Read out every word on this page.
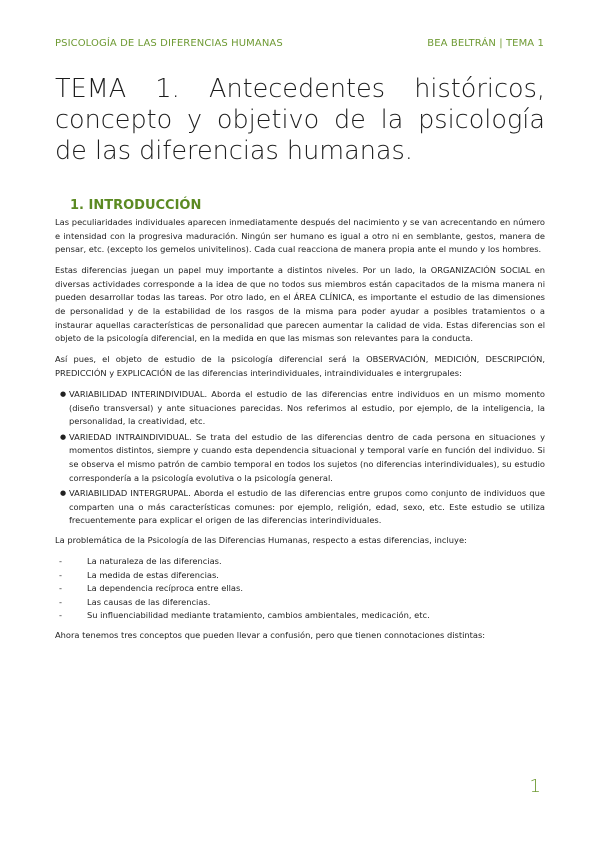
PSICOLOGÍA DE LAS DIFERENCIAS HUMANAS	BEA BELTRÁN | TEMA 1
TEMA 1. Antecedentes históricos, concepto y objetivo de la psicología de las diferencias humanas.
1. INTRODUCCIÓN

Las peculiaridades individuales aparecen inmediatamente después del nacimiento y se van acrecentando en número e intensidad con la progresiva maduración. Ningún ser humano es igual a otro ni en semblante, gestos, manera de pensar, etc. (excepto los gemelos univitelinos). Cada cual reacciona de manera propia ante el mundo y los hombres.

Estas diferencias juegan un papel muy importante a distintos niveles. Por un lado, la ORGANIZACIÓN SOCIAL en diversas actividades corresponde a la idea de que no todos sus miembros están capacitados de la misma manera ni pueden desarrollar todas las tareas. Por otro lado, en el ÁREA CLÍNICA, es importante el estudio de las dimensiones de personalidad y de la estabilidad de los rasgos de la misma para poder ayudar a posibles tratamientos o a instaurar aquellas características de personalidad que parecen aumentar la calidad de vida. Estas diferencias son el objeto de la psicología diferencial, en la medida en que las mismas son relevantes para la conducta.

Así pues, el objeto de estudio de la psicología diferencial será la OBSERVACIÓN, MEDICIÓN, DESCRIPCIÓN, PREDICCIÓN y EXPLICACIÓN de las diferencias interindividuales, intraindividuales e intergrupales:

● VARIABILIDAD INTERINDIVIDUAL. Aborda el estudio de las diferencias entre individuos en un mismo momento (diseño transversal) y ante situaciones parecidas. Nos referimos al estudio, por ejemplo, de la inteligencia, la personalidad, la creatividad, etc.
● VARIEDAD INTRAINDIVIDUAL. Se trata del estudio de las diferencias dentro de cada persona en situaciones y momentos distintos, siempre y cuando esta dependencia situacional y temporal varíe en función del individuo. Si se observa el mismo patrón de cambio temporal en todos los sujetos (no diferencias interindividuales), su estudio correspondería a la psicología evolutiva o la psicología general.
● VARIABILIDAD INTERGRUPAL. Aborda el estudio de las diferencias entre grupos como conjunto de individuos que comparten una o más características comunes: por ejemplo, religión, edad, sexo, etc. Este estudio se utiliza frecuentemente para explicar el origen de las diferencias interindividuales.

La problemática de la Psicología de las Diferencias Humanas, respecto a estas diferencias, incluye:

-	La naturaleza de las diferencias.
-	La medida de estas diferencias.
-	La dependencia recíproca entre ellas.
-	Las causas de las diferencias.
-	Su influenciabilidad mediante tratamiento, cambios ambientales, medicación, etc.

Ahora tenemos tres conceptos que pueden llevar a confusión, pero que tienen connotaciones distintas:

1
